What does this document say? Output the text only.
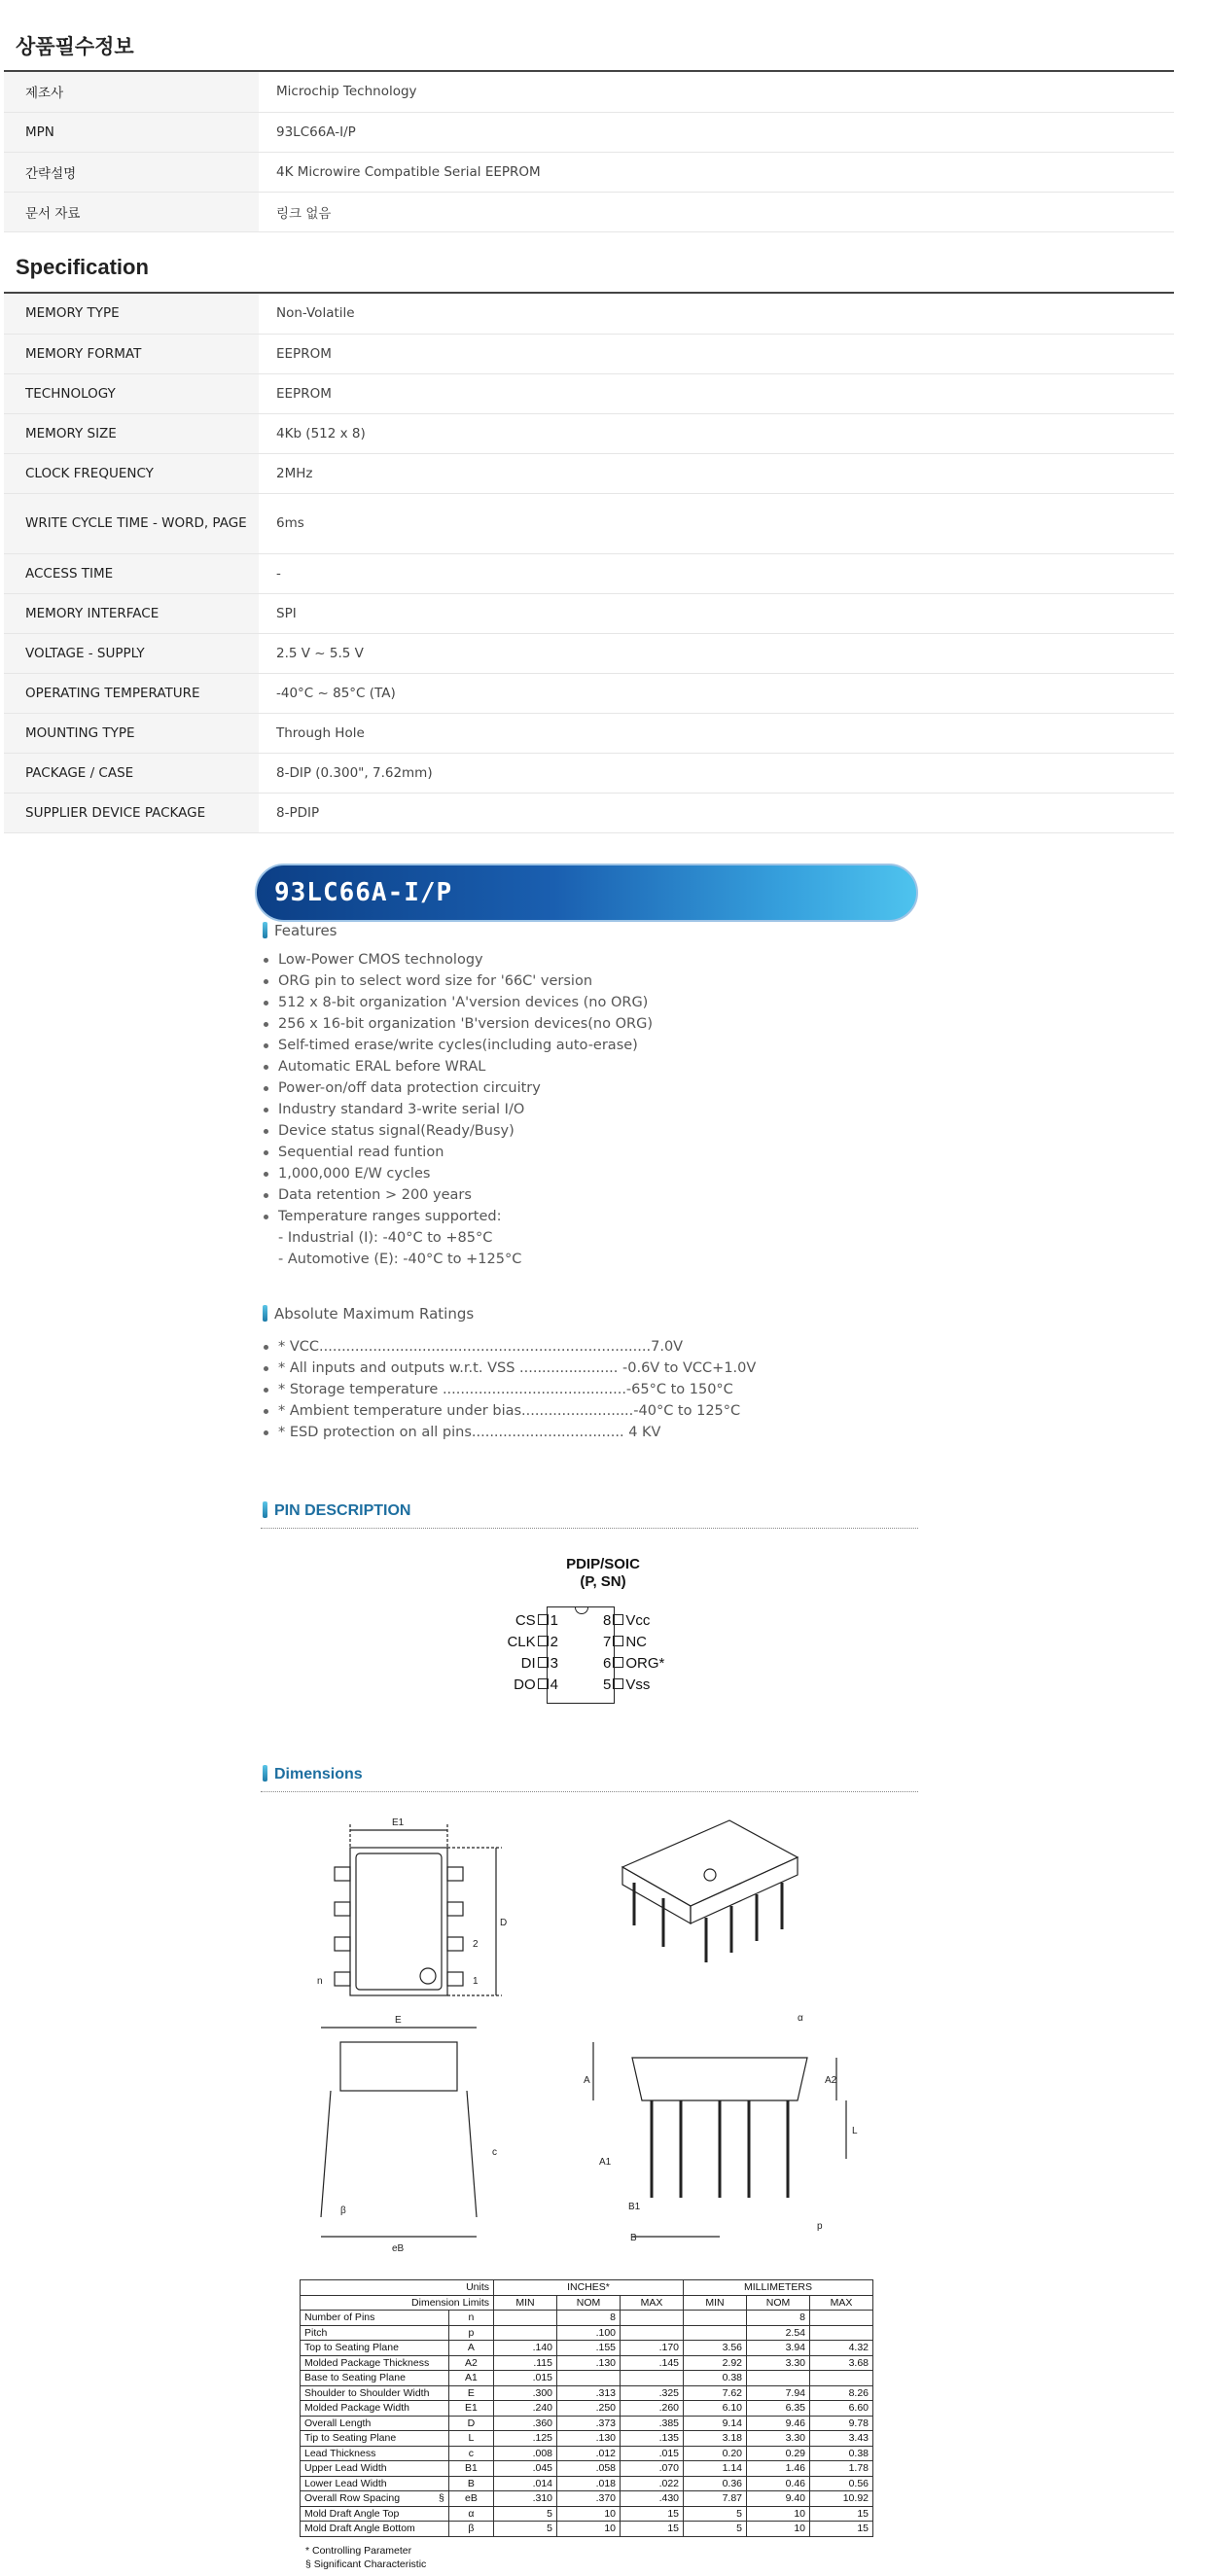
상품필수정보
제조사	Microchip Technology
MPN	93LC66A-I/P
간략설명	4K Microwire Compatible Serial EEPROM
문서 자료	링크 없음
Specification
MEMORY TYPE	Non-Volatile
MEMORY FORMAT	EEPROM
TECHNOLOGY	EEPROM
MEMORY SIZE	4Kb (512 x 8)
CLOCK FREQUENCY	2MHz
WRITE CYCLE TIME - WORD, PAGE	6ms
ACCESS TIME	-
MEMORY INTERFACE	SPI
VOLTAGE - SUPPLY	2.5 V ~ 5.5 V
OPERATING TEMPERATURE	-40°C ~ 85°C (TA)
MOUNTING TYPE	Through Hole
PACKAGE / CASE	8-DIP (0.300", 7.62mm)
SUPPLIER DEVICE PACKAGE	8-PDIP
93LC66A-I/P
Features
Low-Power CMOS technology
ORG pin to select word size for '66C' version
512 x 8-bit organization 'A'version devices (no ORG)
256 x 16-bit organization 'B'version devices(no ORG)
Self-timed erase/write cycles(including auto-erase)
Automatic ERAL before WRAL
Power-on/off data protection circuitry
Industry standard 3-write serial I/O
Device status signal(Ready/Busy)
Sequential read funtion
1,000,000 E/W cycles
Data retention > 200 years
Temperature ranges supported:
- Industrial (I): -40°C to +85°C
- Automotive (E): -40°C to +125°C
Absolute Maximum Ratings
* VCC..........................................................................7.0V
* All inputs and outputs w.r.t. VSS ...................... -0.6V to VCC+1.0V
* Storage temperature .........................................-65°C to 150°C
* Ambient temperature under bias.........................-40°C to 125°C
* ESD protection on all pins.................................. 4 KV
PIN DESCRIPTION
PDIP/SOIC
(P, SN)
CS 1
CLK 2
DI 3
DO 4
8 Vcc
7 NC
6 ORG*
5 Vss
Dimensions
E1
D
n
2
1
E
c
β
eB
A	A2
A1
L
α
B1
B
p
Units		INCHES*			MILLIMETERS		
Dimension Limits		MIN	NOM	MAX	MIN	NOM	MAX
Number of Pins	n		8			8	
Pitch	p		.100			2.54	
Top to Seating Plane	A	.140	.155	.170	3.56	3.94	4.32
Molded Package Thickness	A2	.115	.130	.145	2.92	3.30	3.68
Base to Seating Plane	A1	.015			0.38		
Shoulder to Shoulder Width	E	.300	.313	.325	7.62	7.94	8.26
Molded Package Width	E1	.240	.250	.260	6.10	6.35	6.60
Overall Length	D	.360	.373	.385	9.14	9.46	9.78
Tip to Seating Plane	L	.125	.130	.135	3.18	3.30	3.43
Lead Thickness	c	.008	.012	.015	0.20	0.29	0.38
Upper Lead Width	B1	.045	.058	.070	1.14	1.46	1.78
Lower Lead Width	B	.014	.018	.022	0.36	0.46	0.56
Overall Row Spacing §	eB	.310	.370	.430	7.87	9.40	10.92
Mold Draft Angle Top	α	5	10	15	5	10	15
Mold Draft Angle Bottom	β	5	10	15	5	10	15
* Controlling Parameter
§ Significant Characteristic
